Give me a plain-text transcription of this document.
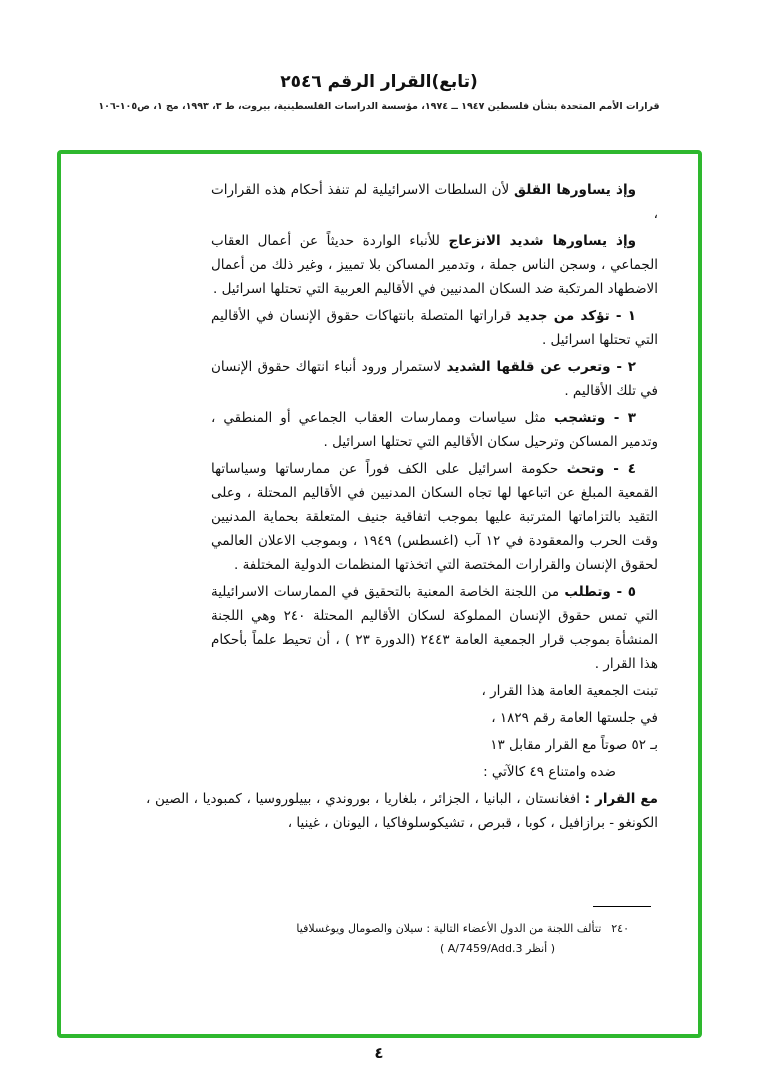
(تابع)القرار الرقم ٢٥٤٦
قرارات الأمم المتحدة بشأن فلسطين ١٩٤٧ ــ ١٩٧٤، مؤسسة الدراسات الفلسطينية، بيروت، ط ٣، ١٩٩٣، مج ١، ص١٠٥-١٠٦

وإذ يساورها القلق لأن السلطات الاسرائيلية لم تنفذ أحكام هذه القرارات ،

وإذ يساورها شديد الانزعاج للأنباء الواردة حديثاً عن أعمال العقاب الجماعي ، وسجن الناس جملة ، وتدمير المساكن بلا تمييز ، وغير ذلك من أعمال الاضطهاد المرتكبة ضد السكان المدنيين في الأقاليم العربية التي تحتلها اسرائيل .

١ - تؤكد من جديد قراراتها المتصلة بانتهاكات حقوق الإنسان في الأقاليم التي تحتلها اسرائيل .

٢ - وتعرب عن قلقها الشديد لاستمرار ورود أنباء انتهاك حقوق الإنسان في تلك الأقاليم .

٣ - وتشجب مثل سياسات وممارسات العقاب الجماعي أو المنطقي ، وتدمير المساكن وترحيل سكان الأقاليم التي تحتلها اسرائيل .

٤ - وتحث حكومة اسرائيل على الكف فوراً عن ممارساتها وسياساتها القمعية المبلغ عن اتباعها لها تجاه السكان المدنيين في الأقاليم المحتلة ، وعلى التقيد بالتزاماتها المترتبة عليها بموجب اتفاقية جنيف المتعلقة بحماية المدنيين وقت الحرب والمعقودة في ١٢ آب (اغسطس) ١٩٤٩ ، وبموجب الاعلان العالمي لحقوق الإنسان والقرارات المختصة التي اتخذتها المنظمات الدولية المختلفة .

٥ - وتطلب من اللجنة الخاصة المعنية بالتحقيق في الممارسات الاسرائيلية التي تمس حقوق الإنسان المملوكة لسكان الأقاليم المحتلة ٢٤٠ وهي اللجنة المنشأة بموجب قرار الجمعية العامة ٢٤٤٣ (الدورة ٢٣ ) ، أن تحيط علماً بأحكام هذا القرار .

تبنت الجمعية العامة هذا القرار ،

في جلستها العامة رقم ١٨٢٩ ،

بـ ٥٢ صوتاً مع القرار مقابل ١٣

ضده وامتناع ٤٩ كالآتي :

مع القرار : افغانستان ، البانيا ، الجزائر ، بلغاريا ، بوروندي ، بييلوروسيا ، كمبوديا ، الصين ، الكونغو - برازافيل ، كوبا ، قبرص ، تشيكوسلوفاكيا ، اليونان ، غينيا ،

٢٤٠تتألف اللجنة من الدول الأعضاء التالية : سيلان والصومال ويوغسلافيا

( أنظر A/7459/Add.3 )

٤
